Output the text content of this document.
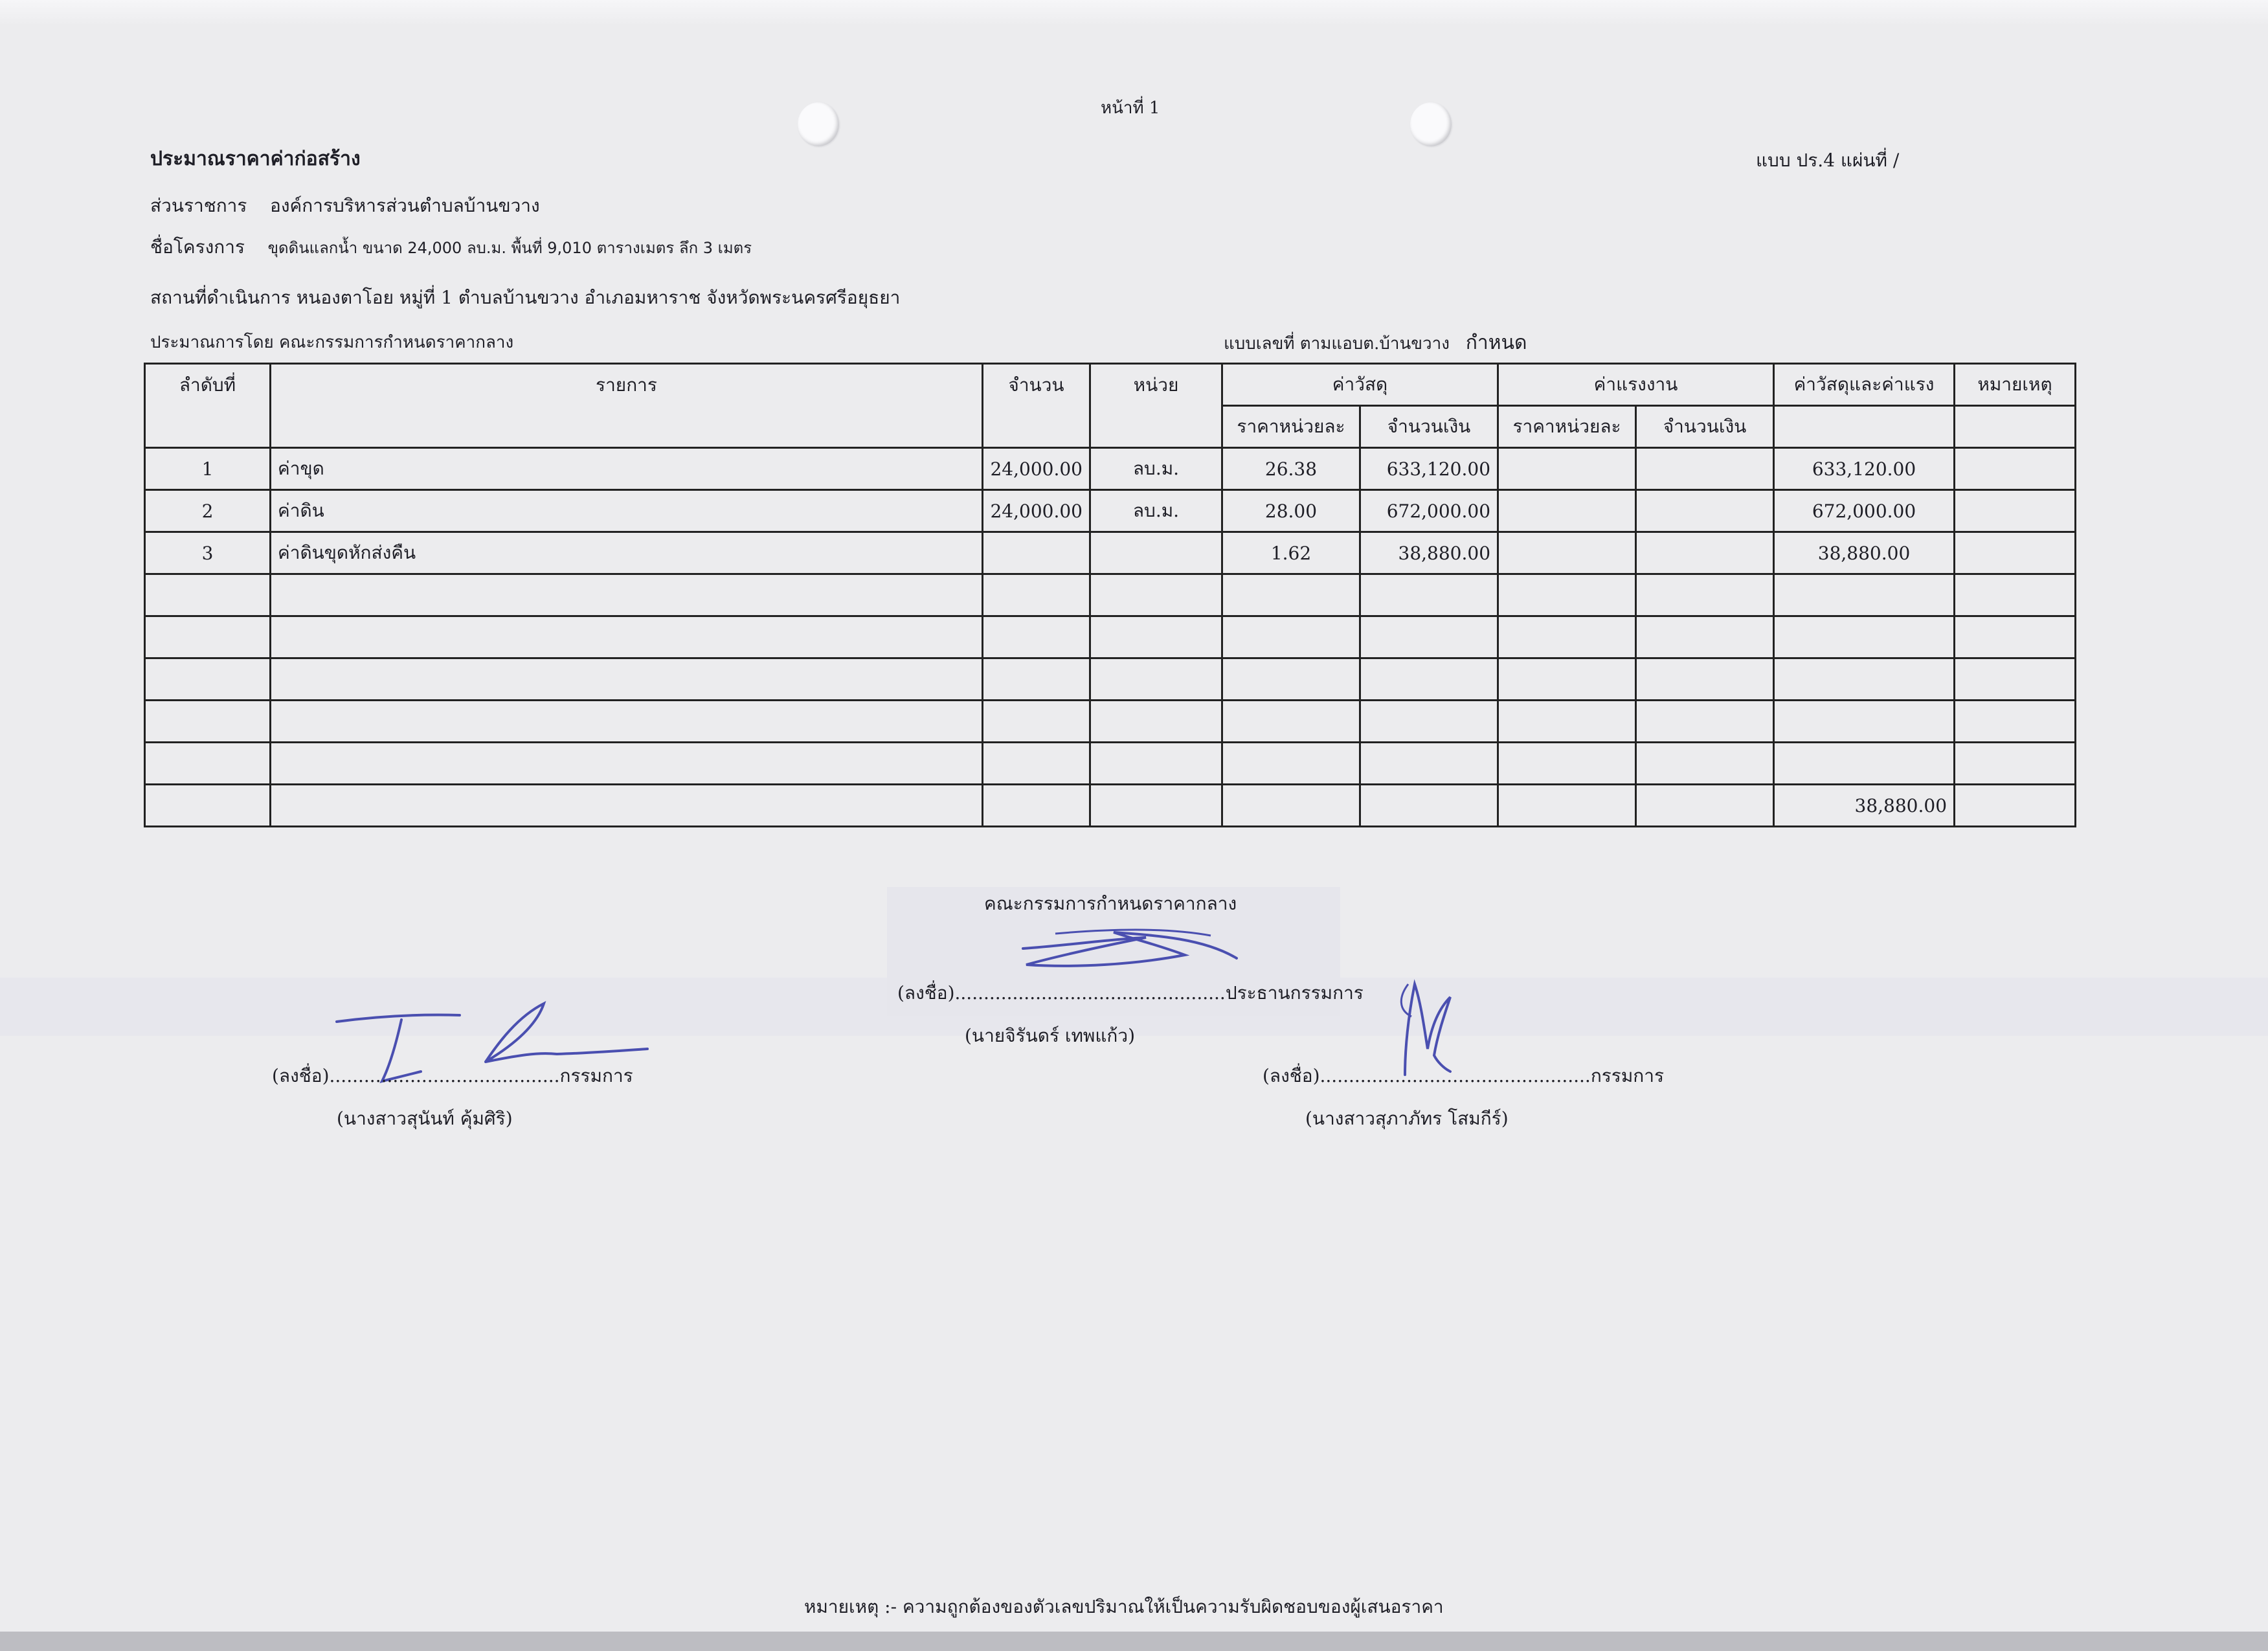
หน้าที่ 1
ประมาณราคาค่าก่อสร้าง	แบบ ปร.4 แผ่นที่ /
ส่วนราชการ องค์การบริหารส่วนตำบลบ้านขวาง
ชื่อโครงการ ขุดดินแลกน้ำ ขนาด 24,000 ลบ.ม. พื้นที่ 9,010 ตารางเมตร ลึก 3 เมตร
สถานที่ดำเนินการ หนองตาโอย หมู่ที่ 1 ตำบลบ้านขวาง อำเภอมหาราช จังหวัดพระนครศรีอยุธยา
ประมาณการโดย คณะกรรมการกำหนดราคากลาง	แบบเลขที่ ตามแอบต.บ้านขวาง กำหนด
ลำดับที่	รายการ	จำนวน	หน่วย	ค่าวัสดุ		ค่าแรงงาน		ค่าวัสดุและค่าแรง	หมายเหตุ
				ราคาหน่วยละ	จำนวนเงิน	ราคาหน่วยละ	จำนวนเงิน		
1	ค่าขุด	24,000.00	ลบ.ม.	26.38	633,120.00			633,120.00	
2	ค่าดิน	24,000.00	ลบ.ม.	28.00	672,000.00			672,000.00	
3	ค่าดินขุดหักส่งคืน			1.62	38,880.00			38,880.00	

								38,880.00	
คณะกรรมการกำหนดราคากลาง
(ลงชื่อ)...............................................ประธานกรรมการ
(นายจิรันดร์ เทพแก้ว)
(ลงชื่อ)........................................กรรมการ
(นางสาวสุนันท์ คุ้มศิริ)
(ลงชื่อ)...............................................กรรมการ
(นางสาวสุภาภัทร โสมกีร์)
หมายเหตุ :- ความถูกต้องของตัวเลขปริมาณให้เป็นความรับผิดชอบของผู้เสนอราคา
